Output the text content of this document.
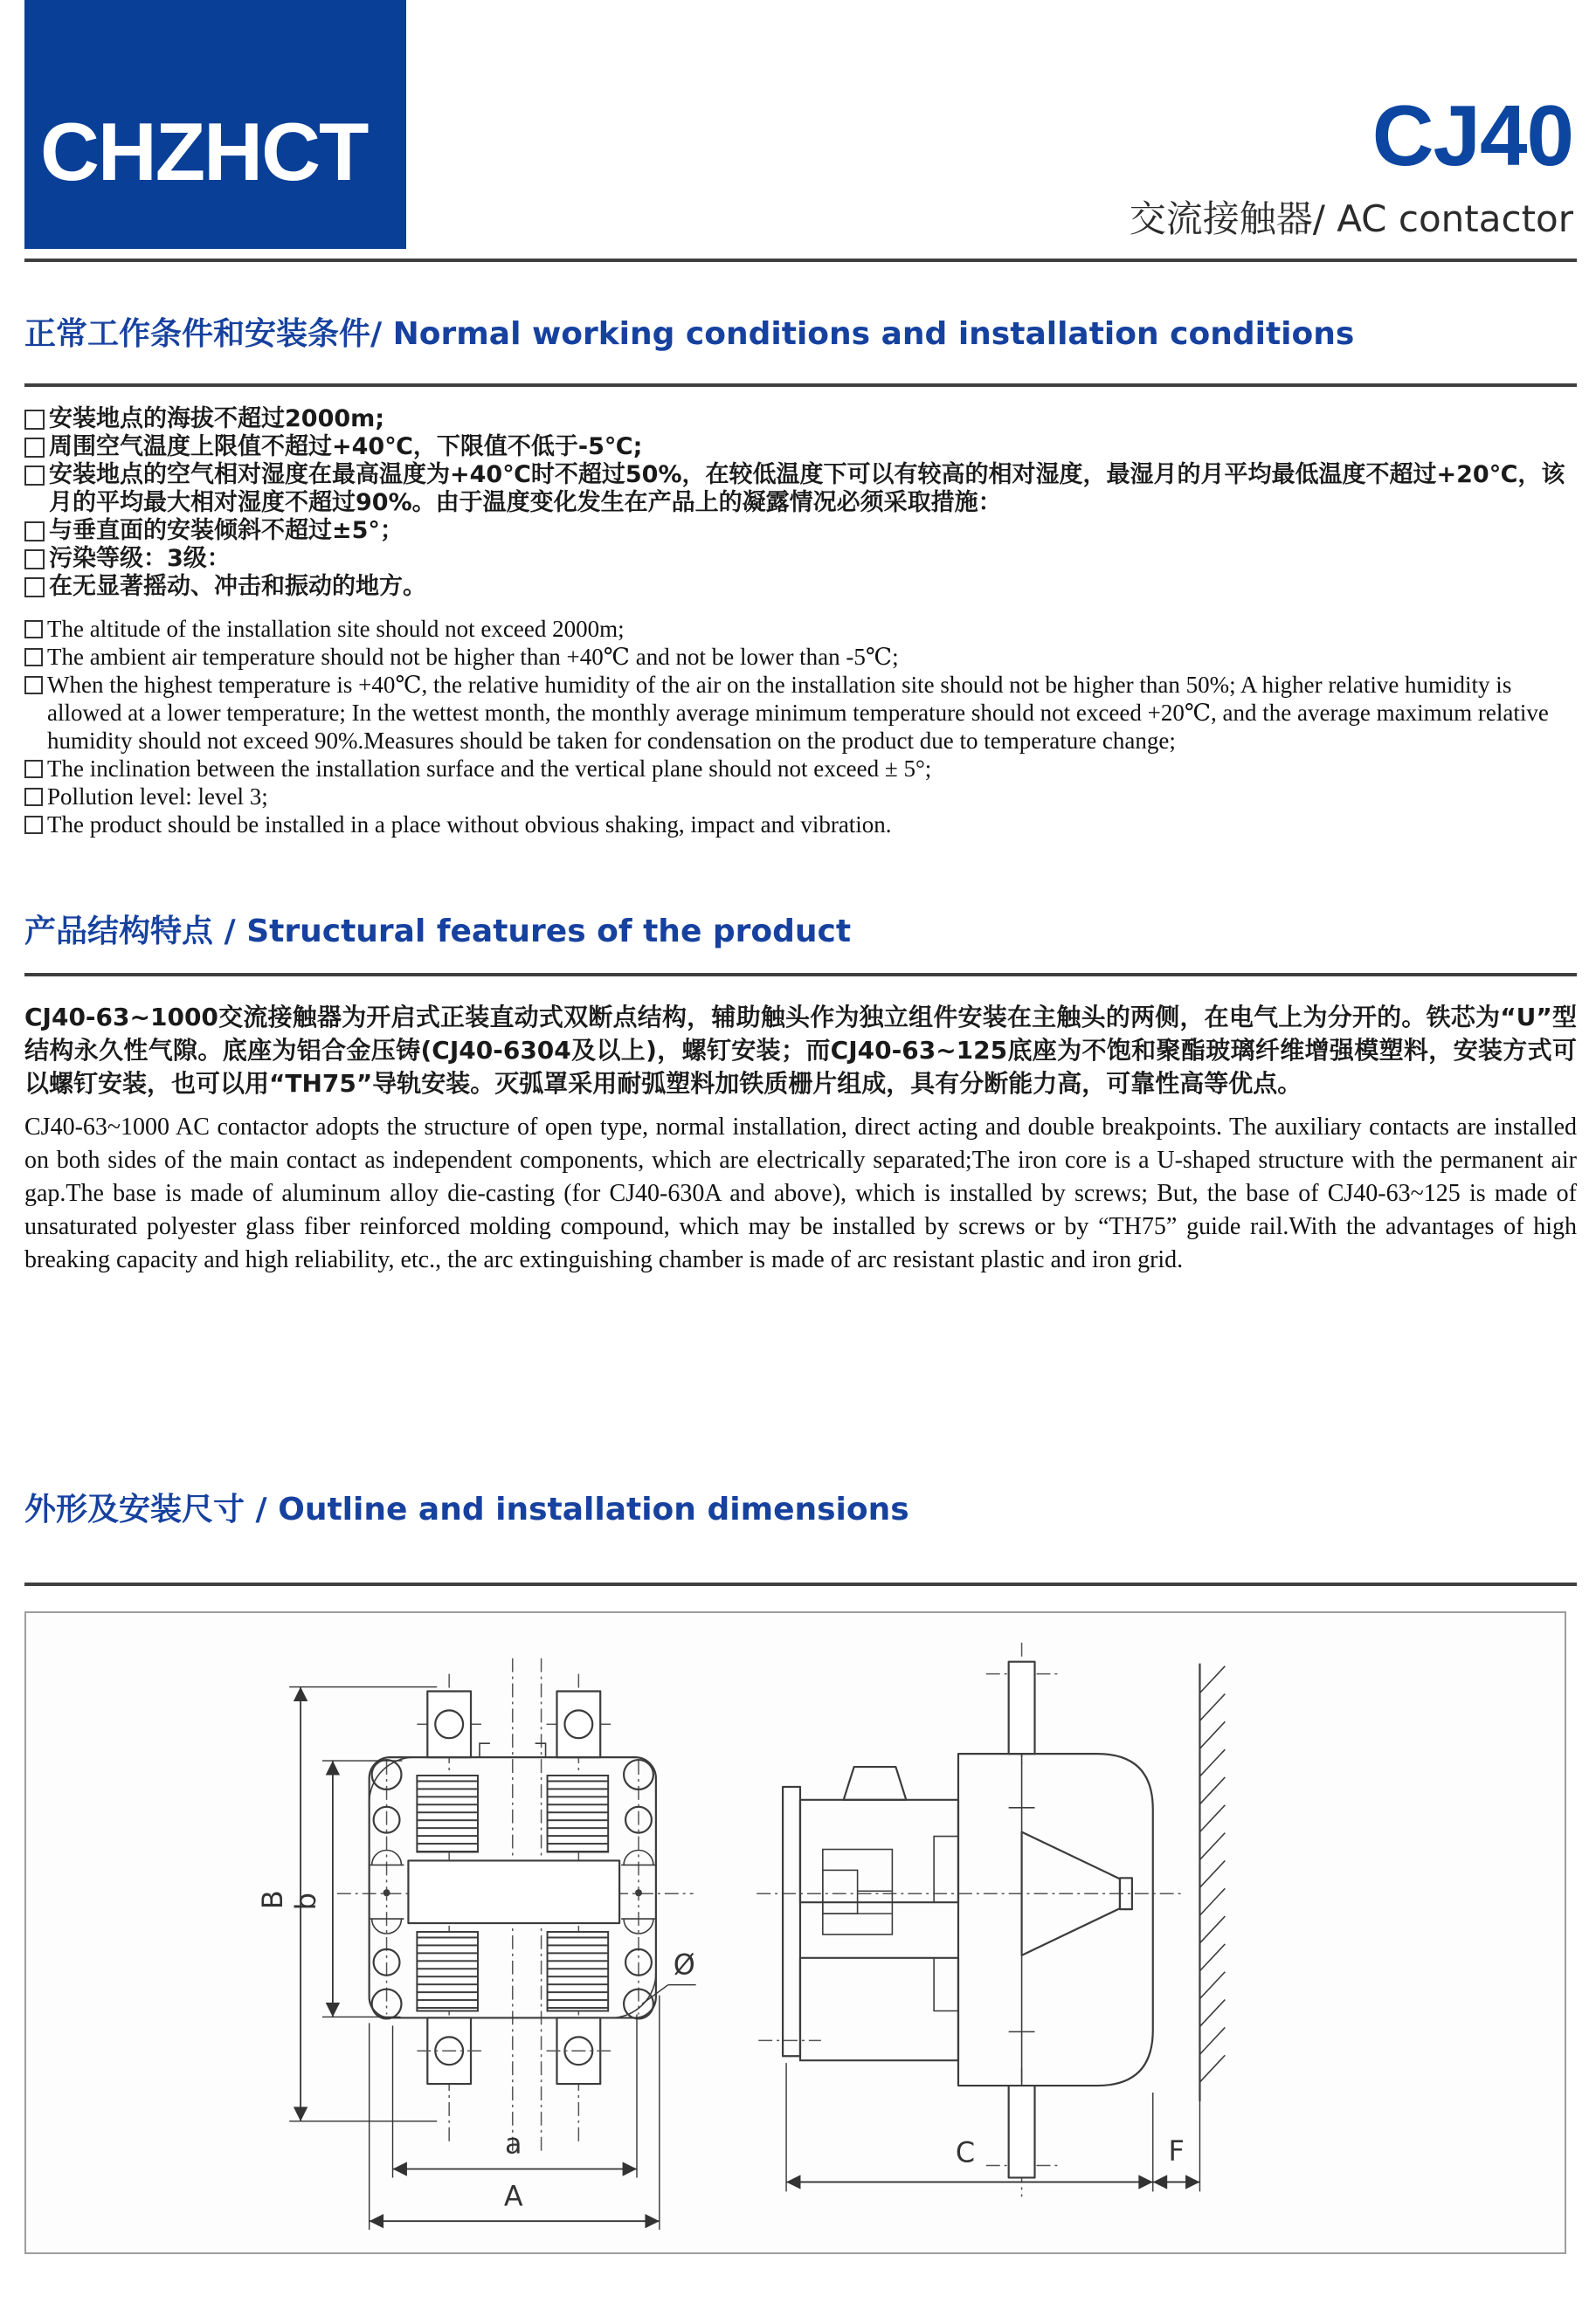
CHZHCT	CJ40
交流接触器/ AC contactor
正常工作条件和安装条件/ Normal working conditions and installation conditions
安装地点的海拔不超过2000m;
周围空气温度上限值不超过+40℃，下限值不低于-5℃;
安装地点的空气相对湿度在最高温度为+40℃时不超过50%，在较低温度下可以有较高的相对湿度，最湿月的月平均最低温度不超过+20℃，该月的平均最大相对湿度不超过90%。由于温度变化发生在产品上的凝露情况必须采取措施：
与垂直面的安装倾斜不超过±5°；
污染等级：3级：
在无显著摇动、冲击和振动的地方。
The altitude of the installation site should not exceed 2000m;
The ambient air temperature should not be higher than +40℃ and not be lower than -5℃;
When the highest temperature is +40℃, the relative humidity of the air on the installation site should not be higher than 50%; A higher relative humidity is allowed at a lower temperature; In the wettest month, the monthly average minimum temperature should not exceed +20℃, and the average maximum relative humidity should not exceed 90%.Measures should be taken for condensation on the product due to temperature change;
The inclination between the installation surface and the vertical plane should not exceed ± 5°;
Pollution level: level 3;
The product should be installed in a place without obvious shaking, impact and vibration.
产品结构特点 / Structural features of the product
CJ40-63~1000交流接触器为开启式正装直动式双断点结构，辅助触头作为独立组件安装在主触头的两侧，在电气上为分开的。铁芯为“U”型结构永久性气隙。底座为铝合金压铸(CJ40-6304及以上)，螺钉安装；而CJ40-63~125底座为不饱和聚酯玻璃纤维增强模塑料，安装方式可以螺钉安装，也可以用“TH75”导轨安装。灭弧罩采用耐弧塑料加铁质栅片组成，具有分断能力高，可靠性高等优点。
CJ40-63~1000 AC contactor adopts the structure of open type, normal installation, direct acting and double breakpoints. The auxiliary contacts are installed on both sides of the main contact as independent components, which are electrically separated;The iron core is a U-shaped structure with the permanent air gap.The base is made of aluminum alloy die-casting (for CJ40-630A and above), which is installed by screws; But, the base of CJ40-63~125 is made of unsaturated polyester glass fiber reinforced molding compound, which may be installed by screws or by “TH75” guide rail.With the advantages of high breaking capacity and high reliability, etc., the arc extinguishing chamber is made of arc resistant plastic and iron grid.
外形及安装尺寸 / Outline and installation dimensions
B b
a
A
Ø
C	F
